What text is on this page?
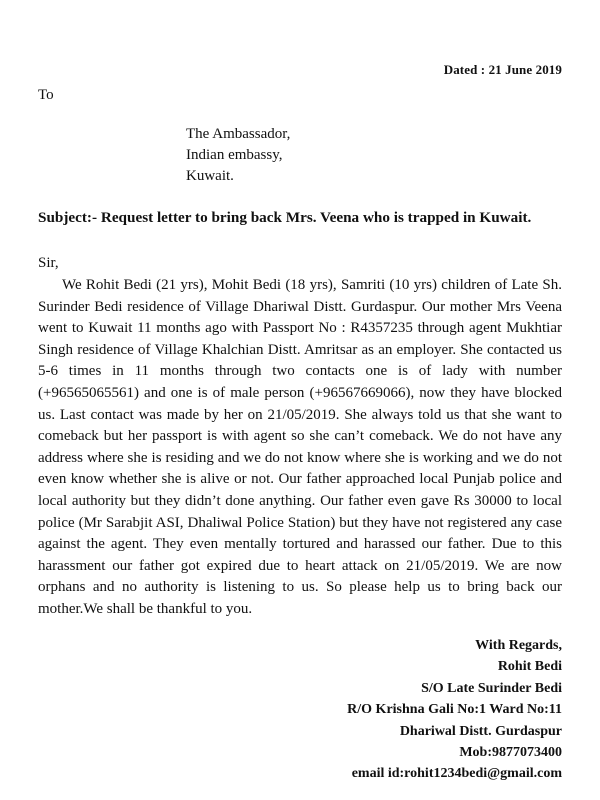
Dated : 21 June 2019
To
The Ambassador,
Indian embassy,
Kuwait.
Subject:- Request letter to bring back Mrs. Veena who is trapped in Kuwait.
Sir,

We Rohit Bedi (21 yrs), Mohit Bedi (18 yrs), Samriti (10 yrs) children of Late Sh. Surinder Bedi residence of Village Dhariwal Distt. Gurdaspur. Our mother Mrs Veena went to Kuwait 11 months ago with Passport No : R4357235 through agent Mukhtiar Singh residence of Village Khalchian Distt. Amritsar as an employer. She contacted us 5-6 times in 11 months through two contacts one is of lady with number (+96565065561) and one is of male person (+96567669066), now they have blocked us. Last contact was made by her on 21/05/2019. She always told us that she want to comeback but her passport is with agent so she can’t comeback. We do not have any address where she is residing and we do not know where she is working and we do not even know whether she is alive or not. Our father approached local Punjab police and local authority but they didn’t done anything. Our father even gave Rs 30000 to local police (Mr Sarabjit ASI, Dhaliwal Police Station) but they have not registered any case against the agent. They even mentally tortured and harassed our father. Due to this harassment our father got expired due to heart attack on 21/05/2019. We are now orphans and no authority is listening to us. So please help us to bring back our mother.We shall be thankful to you.

With Regards,
Rohit Bedi
S/O Late Surinder Bedi
R/O Krishna Gali No:1 Ward No:11
Dhariwal Distt. Gurdaspur
Mob:9877073400
email id:rohit1234bedi@gmail.com
